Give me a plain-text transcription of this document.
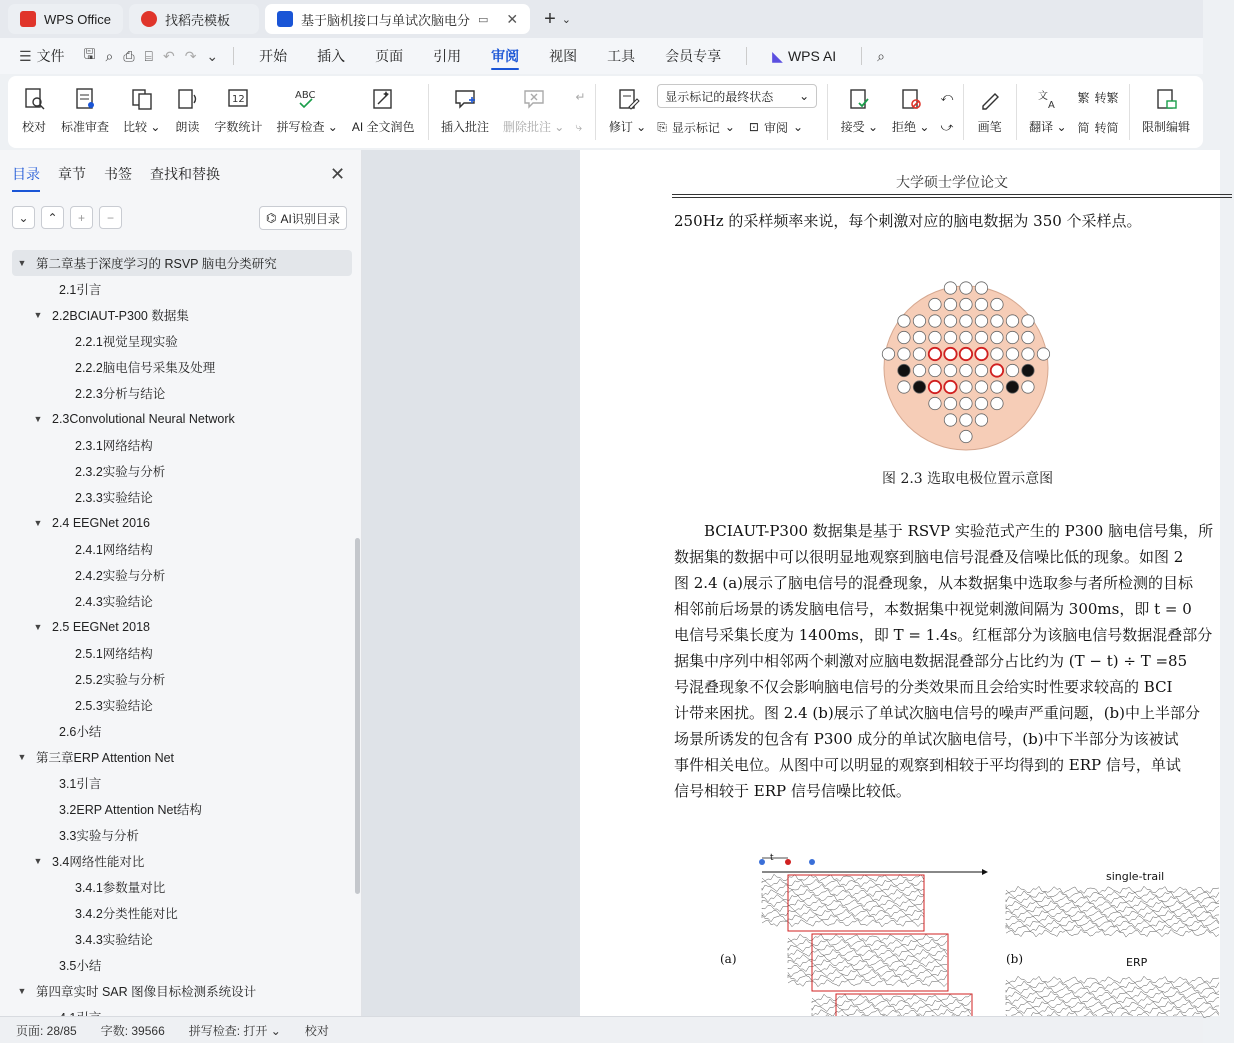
WPS Office	找稻壳模板	基于脑机接口与单试次脑电分 ▭ ✕ + ⌄
☰ 文件	🖫 ⌕ ⎙ ⌸ ↶ ↷ ⌄	开始	插入	页面	引用	审阅	视图	工具	会员专享	◣ WPS AI	⌕
校对 标准审查 比较 ⌄ 朗读
12
字数统计
ABC
拼写检查 ⌄ AI 全文润色 插入批注 删除批注 ⌄
↵
⤷ 修订 ⌄
显示标记的最终状态 ⌄
⎘ 显示标记 ⌄ ⊡ 审阅 ⌄	接受 ⌄ 拒绝 ⌄
⤺
⤻ 画笔
文
A
翻译 ⌄
繁 转繁
简 转简 限制编辑
目录 章节 书签 查找和替换	✕
⌄	⌃	+	−	⌬ AI识别目录
▼ 第二章基于深度学习的 RSVP 脑电分类研究
2.1引言
▼ 2.2BCIAUT-P300 数据集
2.2.1视觉呈现实验
2.2.2脑电信号采集及处理
2.2.3分析与结论
▼ 2.3Convolutional Neural Network
2.3.1网络结构
2.3.2实验与分析
2.3.3实验结论
▼ 2.4 EEGNet 2016
2.4.1网络结构
2.4.2实验与分析
2.4.3实验结论
▼ 2.5 EEGNet 2018
2.5.1网络结构
2.5.2实验与分析
2.5.3实验结论
2.6小结
▼ 第三章ERP Attention Net
3.1引言
3.2ERP Attention Net结构
3.3实验与分析
▼ 3.4网络性能对比
3.4.1参数量对比
3.4.2分类性能对比
3.4.3实验结论
3.5小结
▼ 第四章实时 SAR 图像目标检测系统设计
大学硕士学位论文
250Hz 的采样频率来说，每个刺激对应的脑电数据为 350 个采样点。
图 2.3 选取电极位置示意图
　　BCIAUT-P300 数据集是基于 RSVP 实验范式产生的 P300 脑电信号集，所
数据集的数据中可以很明显地观察到脑电信号混叠及信噪比低的现象。如图 2
图 2.4 (a)展示了脑电信号的混叠现象，从本数据集中选取参与者所检测的目标
相邻前后场景的诱发脑电信号，本数据集中视觉刺激间隔为 300ms，即 t = 0
电信号采集长度为 1400ms，即 T = 1.4s。红框部分为该脑电信号数据混叠部分
据集中序列中相邻两个刺激对应脑电数据混叠部分占比约为 (T − t) ÷ T =85
号混叠现象不仅会影响脑电信号的分类效果而且会给实时性要求较高的 BCI
计带来困扰。图 2.4 (b)展示了单试次脑电信号的噪声严重问题，(b)中上半部分
场景所诱发的包含有 P300 成分的单试次脑电信号，(b)中下半部分为该被试
事件相关电位。从图中可以明显的观察到相较于平均得到的 ERP 信号，单试
信号相较于 ERP 信号信噪比较低。
t
(a)	(b)
single-trail
ERP
页面: 28/85 字数: 39566 拼写检查: 打开 ⌄ 校对
